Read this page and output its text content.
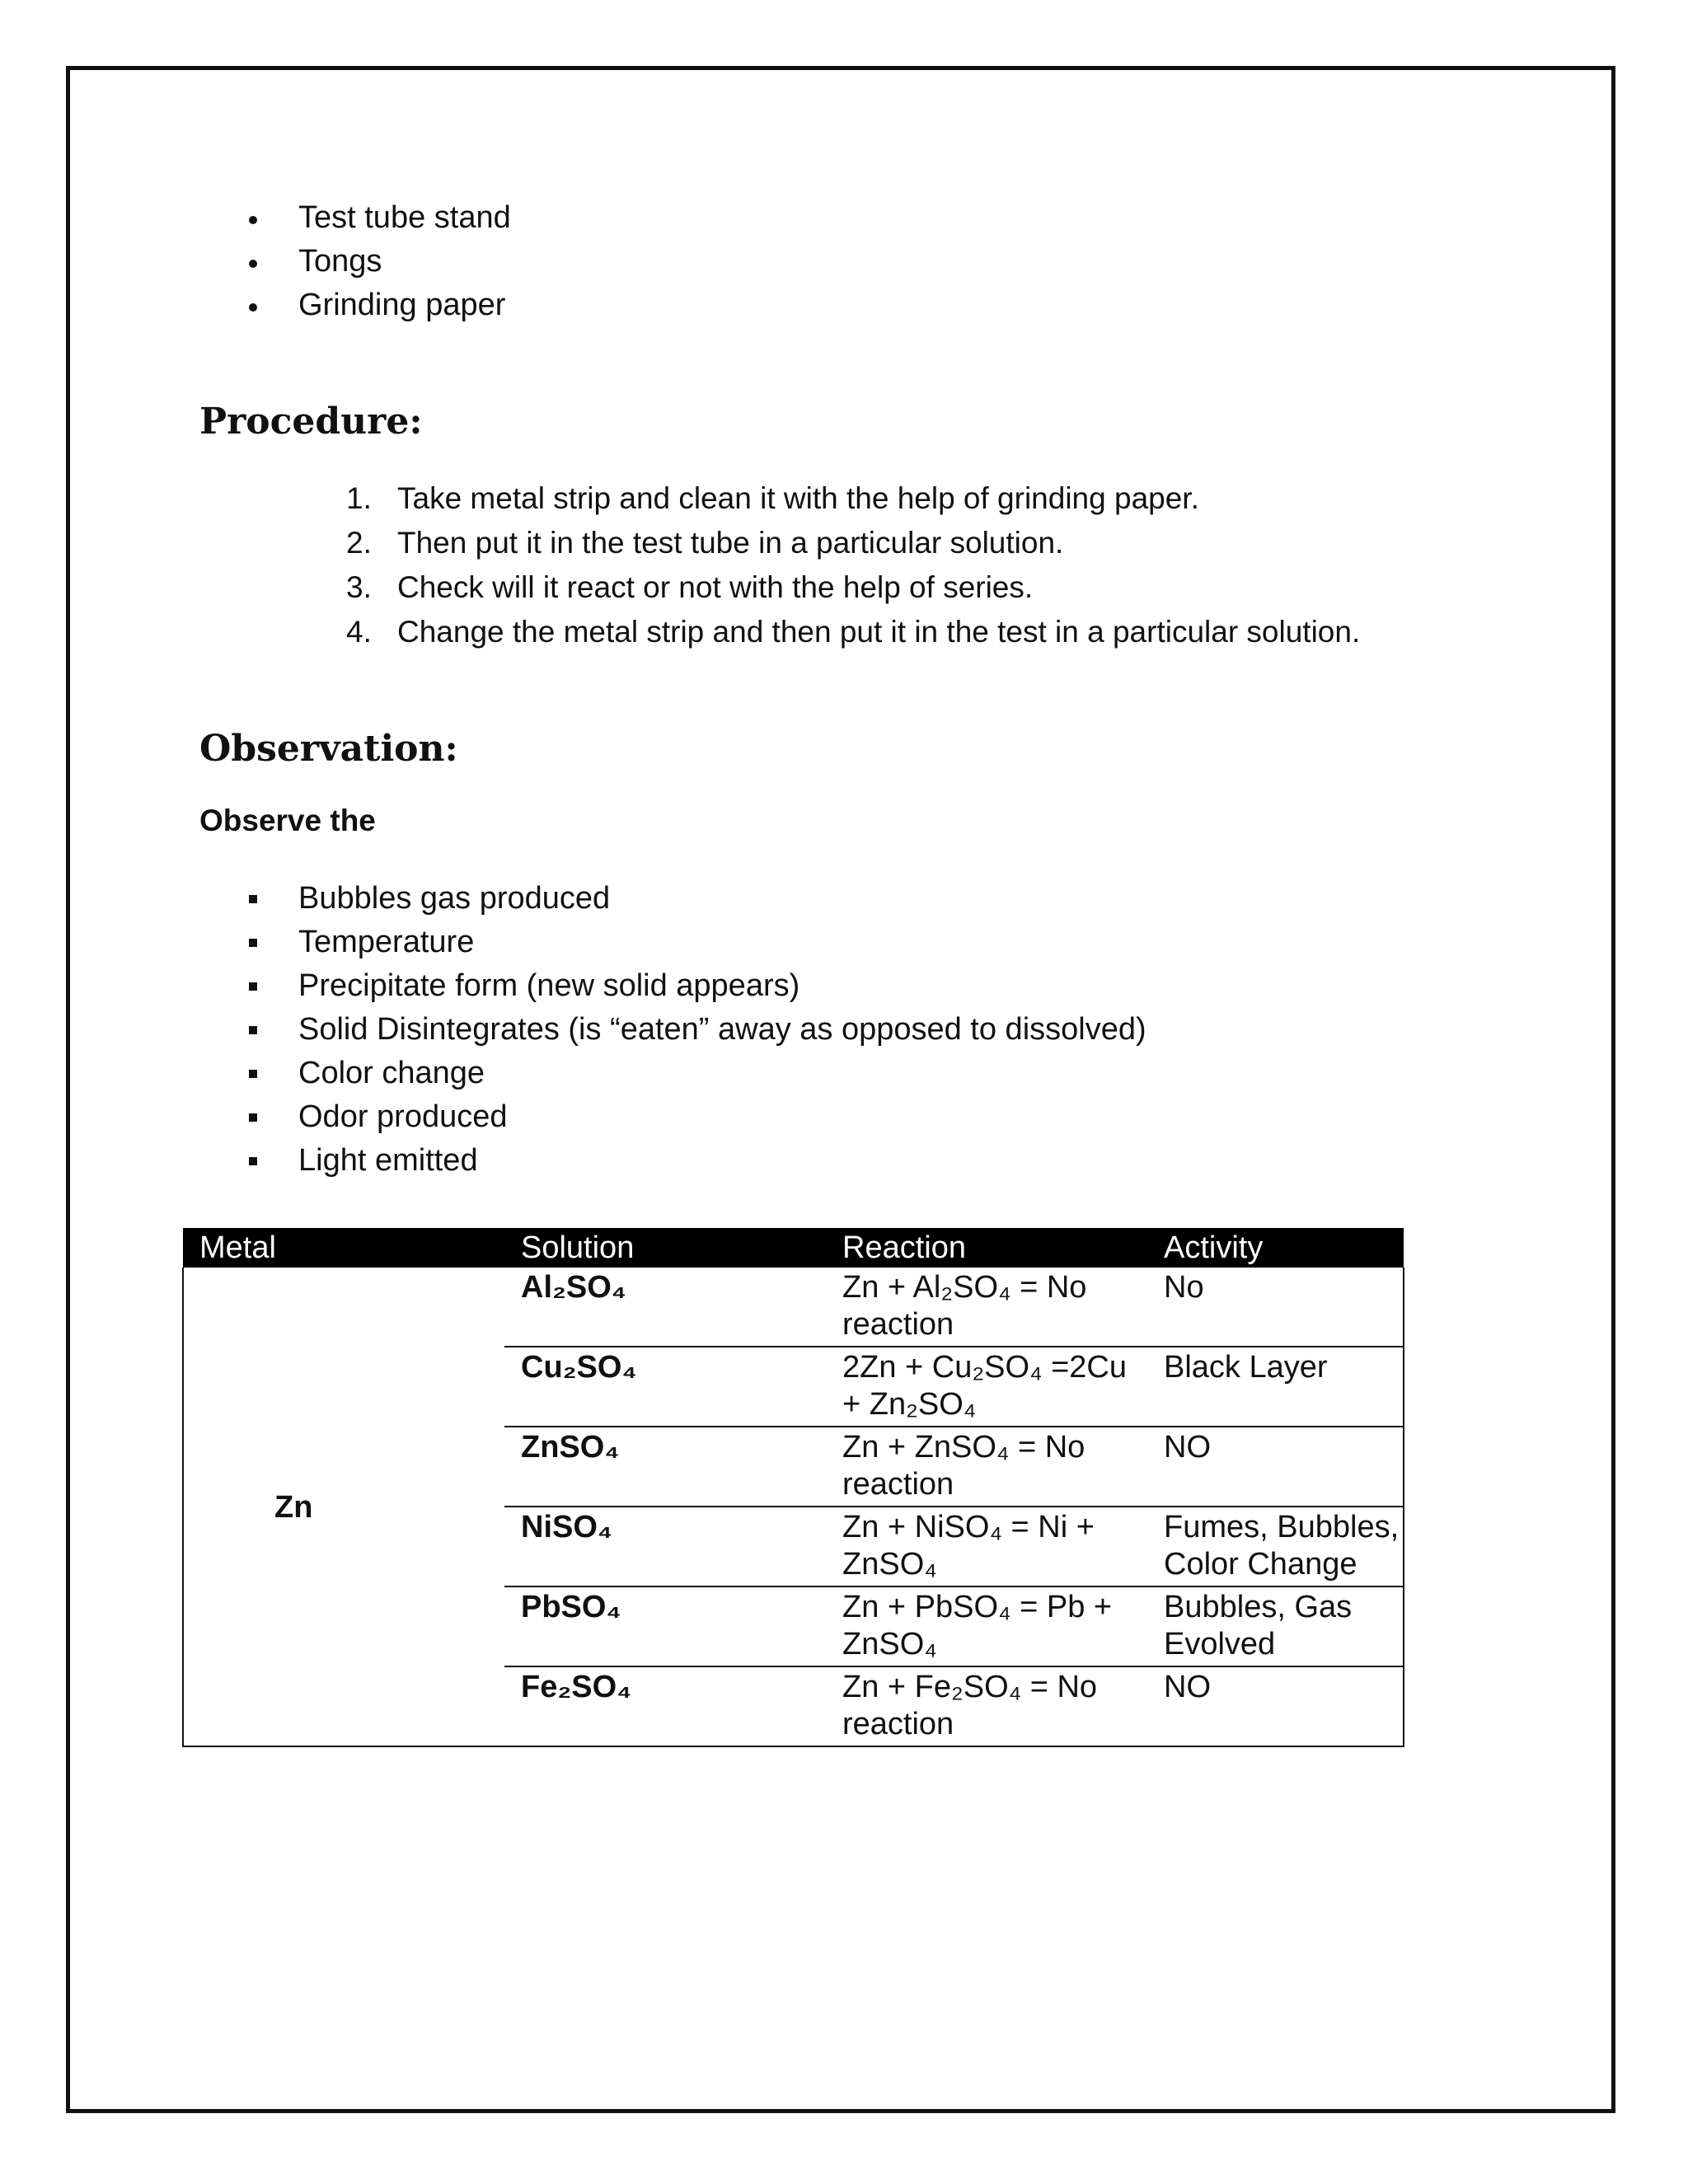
Test tube stand
Tongs
Grinding paper
Procedure:
1. Take metal strip and clean it with the help of grinding paper.
2. Then put it in the test tube in a particular solution.
3. Check will it react or not with the help of series.
4. Change the metal strip and then put it in the test in a particular solution.
Observation:

Observe the

Bubbles gas produced
Temperature
Precipitate form (new solid appears)
Solid Disintegrates (is “eaten” away as opposed to dissolved)
Color change
Odor produced
Light emitted
Metal	Solution	Reaction	Activity
Zn	Al₂SO₄	Zn + Al₂SO₄ = No reaction	No
	Cu₂SO₄	2Zn + Cu₂SO₄ =2Cu + Zn₂SO₄	Black Layer
	ZnSO₄	Zn + ZnSO₄ = No reaction	NO
	NiSO₄	Zn + NiSO₄ = Ni + ZnSO₄	Fumes, Bubbles, Color Change
	PbSO₄	Zn + PbSO₄ = Pb + ZnSO₄	Bubbles, Gas Evolved
	Fe₂SO₄	Zn + Fe₂SO₄ = No reaction	NO
